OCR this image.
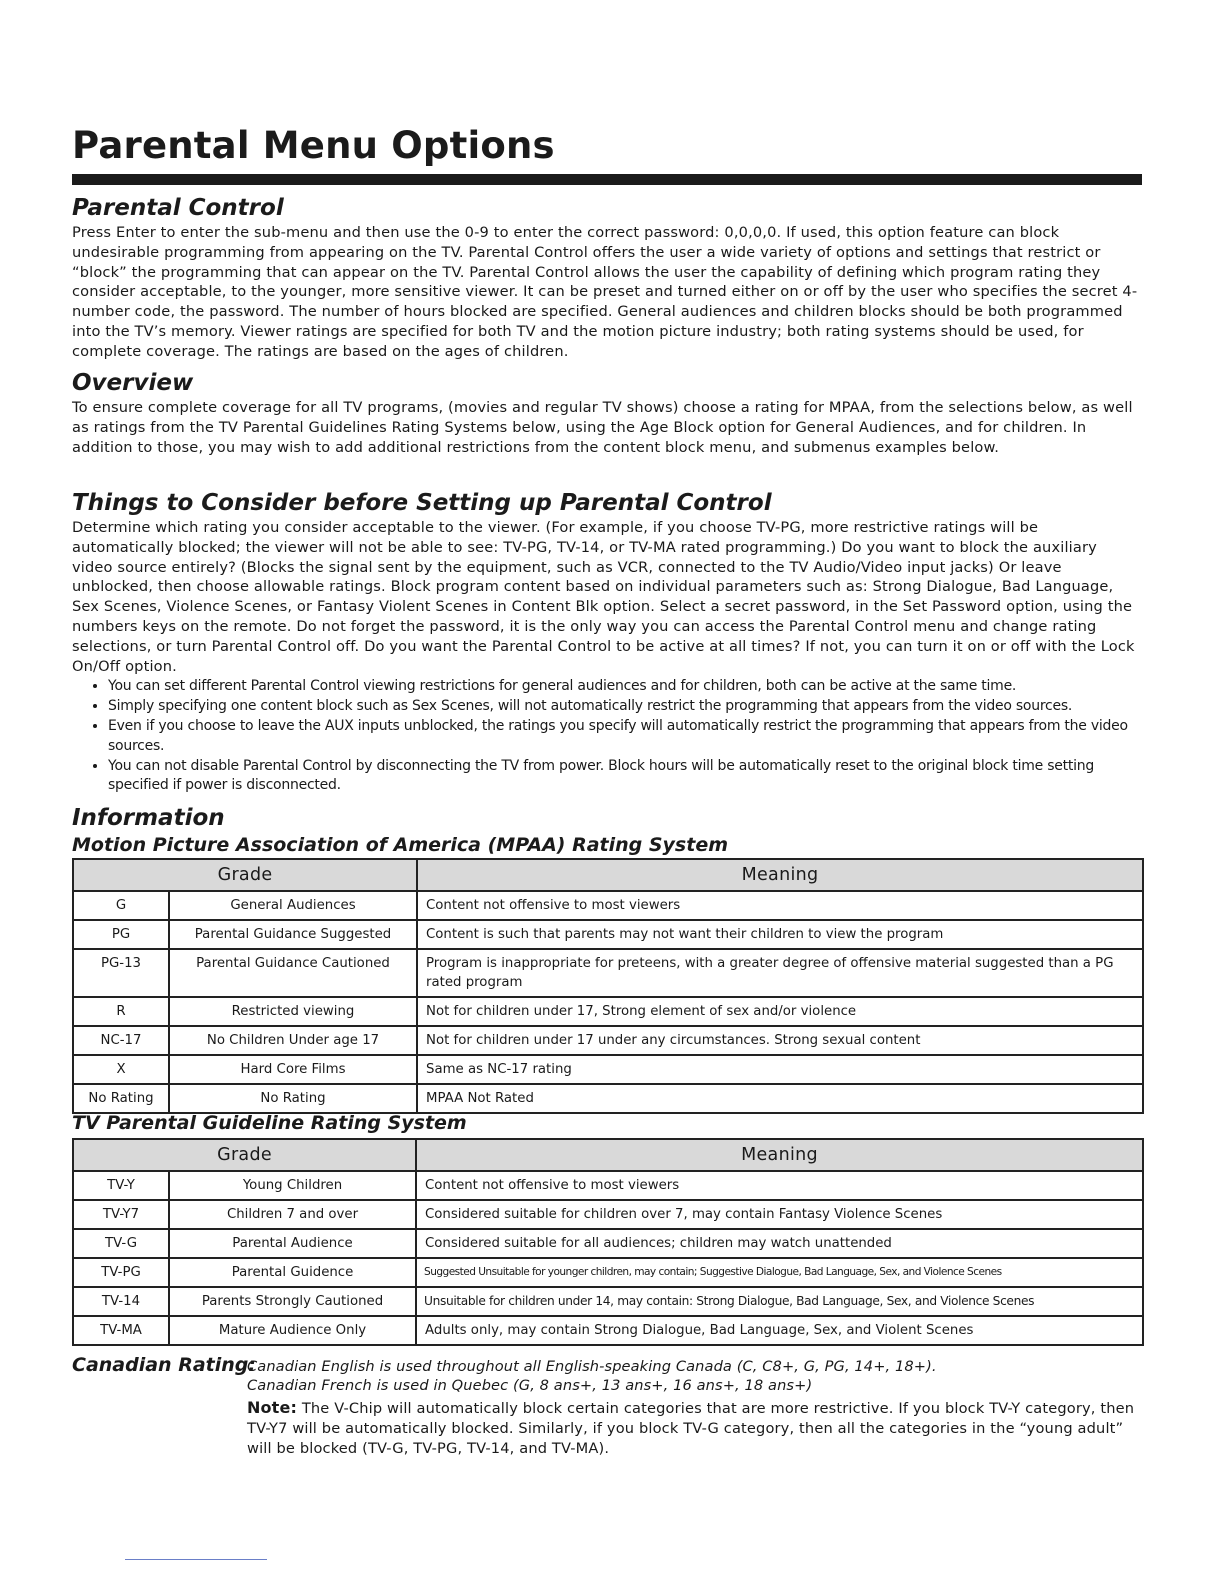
Parental Menu Options
Parental Control

Press Enter to enter the sub-menu and then use the 0-9 to enter the correct password: 0,0,0,0. If used, this option feature can block undesirable programming from appearing on the TV. Parental Control offers the user a wide variety of options and settings that restrict or “block” the programming that can appear on the TV. Parental Control allows the user the capability of defining which program rating they consider acceptable, to the younger, more sensitive viewer. It can be preset and turned either on or off by the user who specifies the secret 4-number code, the password. The number of hours blocked are specified. General audiences and children blocks should be both programmed into the TV’s memory. Viewer ratings are specified for both TV and the motion picture industry; both rating systems should be used, for complete coverage. The ratings are based on the ages of children.

Overview

To ensure complete coverage for all TV programs, (movies and regular TV shows) choose a rating for MPAA, from the selections below, as well as ratings from the TV Parental Guidelines Rating Systems below, using the Age Block option for General Audiences, and for children. In addition to those, you may wish to add additional restrictions from the content block menu, and submenus examples below.

Things to Consider before Setting up Parental Control

Determine which rating you consider acceptable to the viewer. (For example, if you choose TV-PG, more restrictive ratings will be automatically blocked; the viewer will not be able to see: TV-PG, TV-14, or TV-MA rated programming.) Do you want to block the auxiliary video source entirely? (Blocks the signal sent by the equipment, such as VCR, connected to the TV Audio/Video input jacks) Or leave unblocked, then choose allowable ratings. Block program content based on individual parameters such as: Strong Dialogue, Bad Language, Sex Scenes, Violence Scenes, or Fantasy Violent Scenes in Content Blk option. Select a secret password, in the Set Password option, using the numbers keys on the remote. Do not forget the password, it is the only way you can access the Parental Control menu and change rating selections, or turn Parental Control off. Do you want the Parental Control to be active at all times? If not, you can turn it on or off with the Lock On/Off option.

• You can set different Parental Control viewing restrictions for general audiences and for children, both can be active at the same time.
• Simply specifying one content block such as Sex Scenes, will not automatically restrict the programming that appears from the video sources.
• Even if you choose to leave the AUX inputs unblocked, the ratings you specify will automatically restrict the programming that appears from the video sources.
• You can not disable Parental Control by disconnecting the TV from power. Block hours will be automatically reset to the original block time setting specified if power is disconnected.
Information
Motion Picture Association of America (MPAA) Rating System
Grade		Meaning
G	General Audiences	Content not offensive to most viewers
PG	Parental Guidance Suggested	Content is such that parents may not want their children to view the program
PG-13	Parental Guidance Cautioned	Program is inappropriate for preteens, with a greater degree of offensive material suggested than a PG rated program
R	Restricted viewing	Not for children under 17, Strong element of sex and/or violence
NC-17	No Children Under age 17	Not for children under 17 under any circumstances. Strong sexual content
X	Hard Core Films	Same as NC-17 rating
No Rating	No Rating	MPAA Not Rated
TV Parental Guideline Rating System
Grade		Meaning
TV-Y	Young Children	Content not offensive to most viewers
TV-Y7	Children 7 and over	Considered suitable for children over 7, may contain Fantasy Violence Scenes
TV-G	Parental Audience	Considered suitable for all audiences; children may watch unattended
TV-PG	Parental Guidence	Suggested Unsuitable for younger children, may contain; Suggestive Dialogue, Bad Language, Sex, and Violence Scenes
TV-14	Parents Strongly Cautioned	Unsuitable for children under 14, may contain: Strong Dialogue, Bad Language, Sex, and Violence Scenes
TV-MA	Mature Audience Only	Adults only, may contain Strong Dialogue, Bad Language, Sex, and Violent Scenes
Canadian Rating:
Canadian English is used throughout all English-speaking Canada (C, C8+, G, PG, 14+, 18+).
Canadian French is used in Quebec (G, 8 ans+, 13 ans+, 16 ans+, 18 ans+)
Note: The V-Chip will automatically block certain categories that are more restrictive. If you block TV-Y category, then TV-Y7 will be automatically blocked. Similarly, if you block TV-G category, then all the categories in the “young adult” will be blocked (TV-G, TV-PG, TV-14, and TV-MA).
